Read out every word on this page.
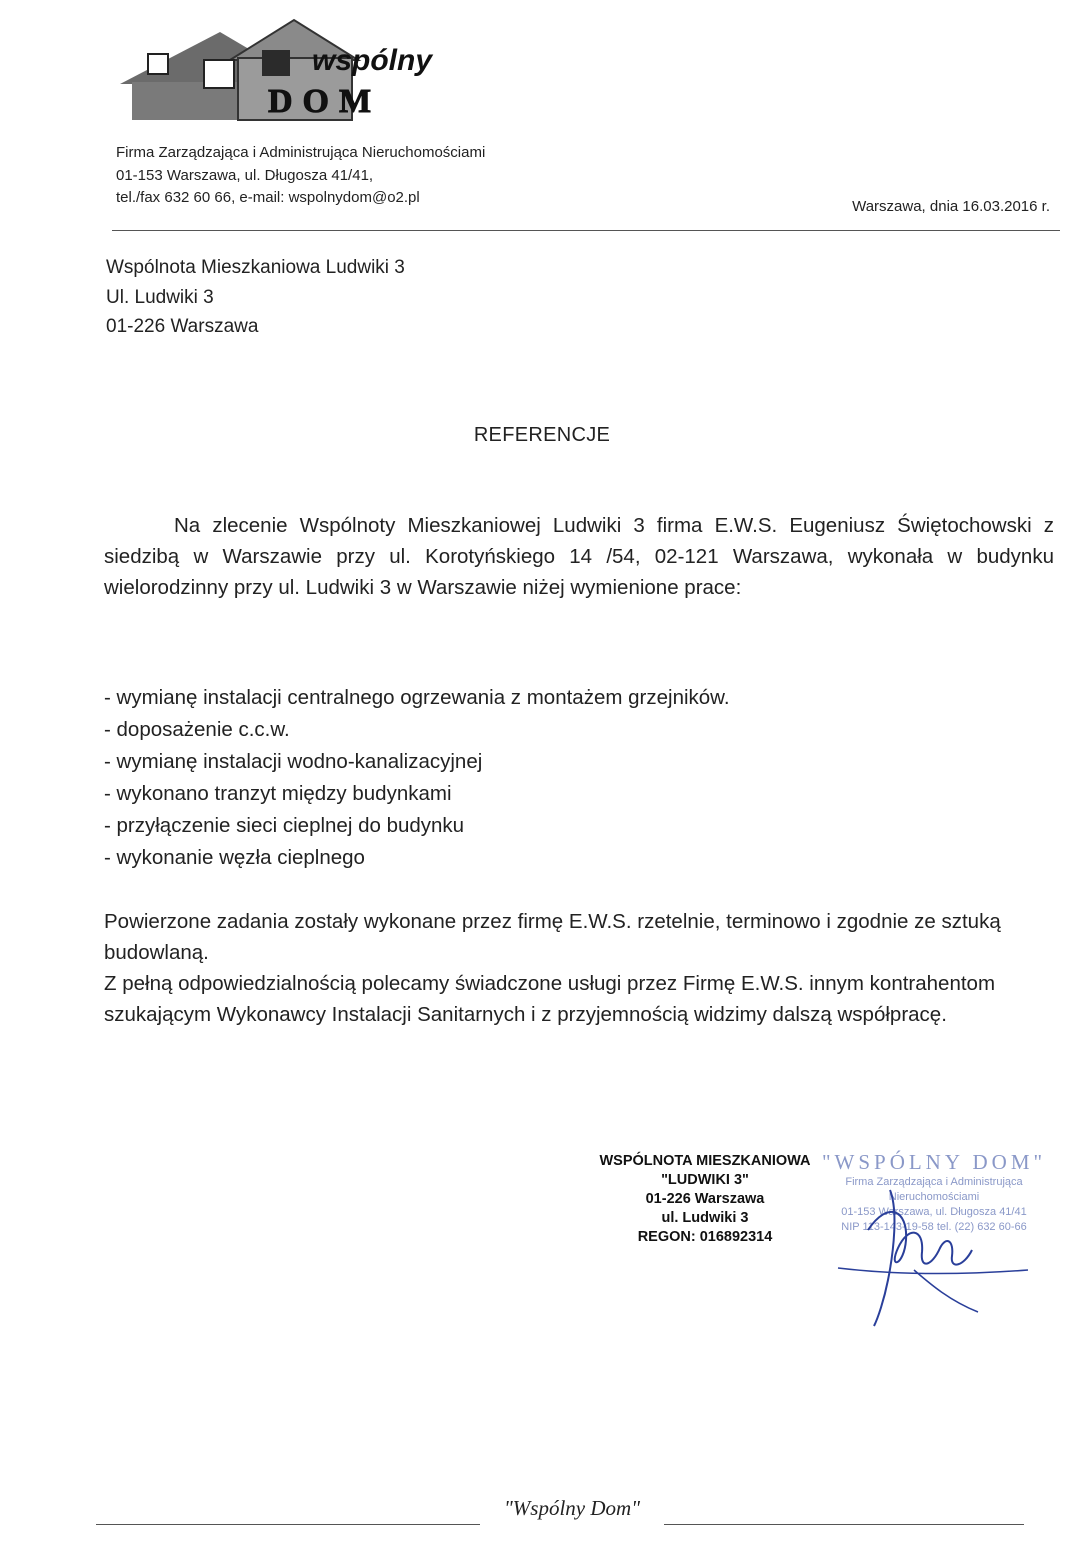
wspólny
DOM
Firma Zarządzająca i Administrująca Nieruchomościami
01-153 Warszawa, ul. Długosza 41/41,
tel./fax 632 60 66, e-mail: wspolnydom@o2.pl
Warszawa, dnia 16.03.2016 r.
Wspólnota Mieszkaniowa Ludwiki 3
Ul. Ludwiki 3
01-226 Warszawa
REFERENCJE
Na zlecenie Wspólnoty Mieszkaniowej Ludwiki 3 firma E.W.S. Eugeniusz Świętochowski z siedzibą w Warszawie przy ul. Korotyńskiego 14 /54, 02-121 Warszawa, wykonała w budynku wielorodzinny przy ul. Ludwiki 3 w Warszawie niżej wymienione prace:
- wymianę instalacji centralnego ogrzewania z montażem grzejników.
- doposażenie c.c.w.
- wymianę instalacji wodno-kanalizacyjnej
- wykonano tranzyt między budynkami
- przyłączenie sieci cieplnej do budynku
- wykonanie węzła cieplnego
Powierzone zadania zostały wykonane przez firmę E.W.S. rzetelnie, terminowo i zgodnie ze sztuką budowlaną.
Z pełną odpowiedzialnością polecamy świadczone usługi przez Firmę E.W.S. innym kontrahentom szukającym Wykonawcy Instalacji Sanitarnych i z przyjemnością widzimy dalszą współpracę.
WSPÓLNOTA MIESZKANIOWA
"LUDWIKI 3"
01-226 Warszawa
ul. Ludwiki 3
REGON: 016892314
"WSPÓLNY DOM"
Firma Zarządzająca i Administrująca
Nieruchomościami
01-153 Warszawa, ul. Długosza 41/41
NIP 113-143-19-58 tel. (22) 632 60-66
"Wspólny Dom"
